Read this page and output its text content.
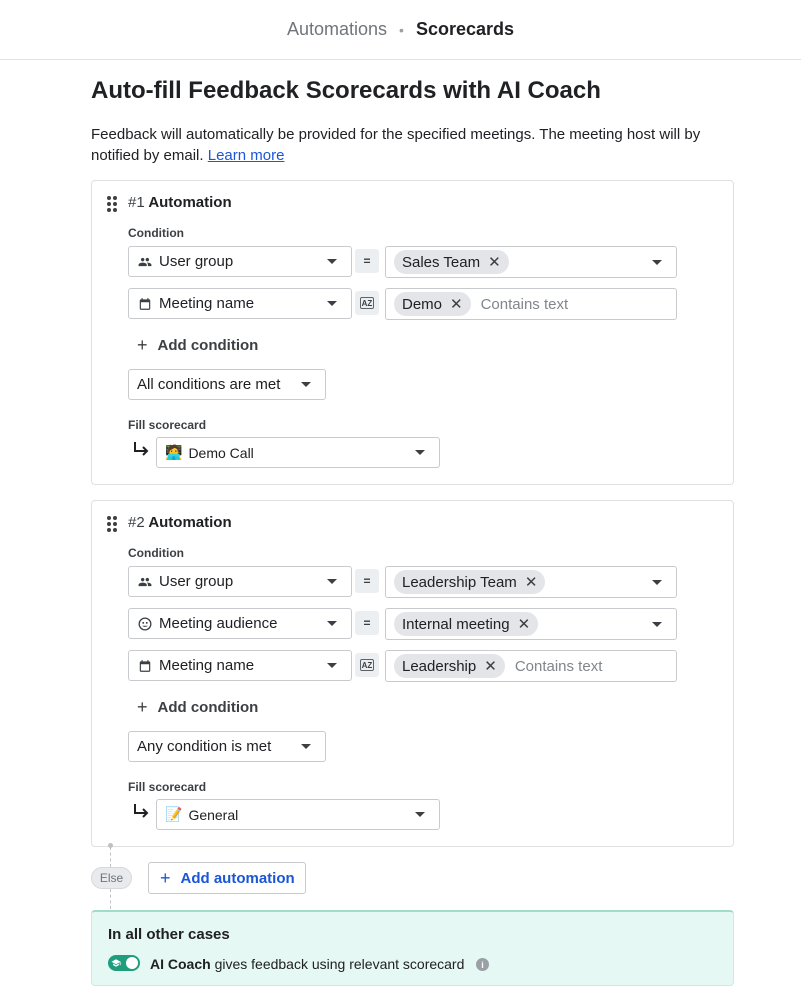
Automations • Scorecards
Auto-fill Feedback Scorecards with AI Coach
Feedback will automatically be provided for the specified meetings. The meeting host will by notified by email. Learn more
#1 Automation
Condition
User group	= Sales Team ✕
Meeting name	AZ Demo ✕ Contains text
+ Add condition
All conditions are met
Fill scorecard
🧑‍💻 Demo Call
#2 Automation
Condition
User group	= Leadership Team ✕
Meeting audience	= Internal meeting ✕
Meeting name	AZ Leadership ✕ Contains text
+ Add condition
Any condition is met
Fill scorecard
📝 General
Else	+ Add automation
In all other cases
AI Coach gives feedback using relevant scorecard	i
